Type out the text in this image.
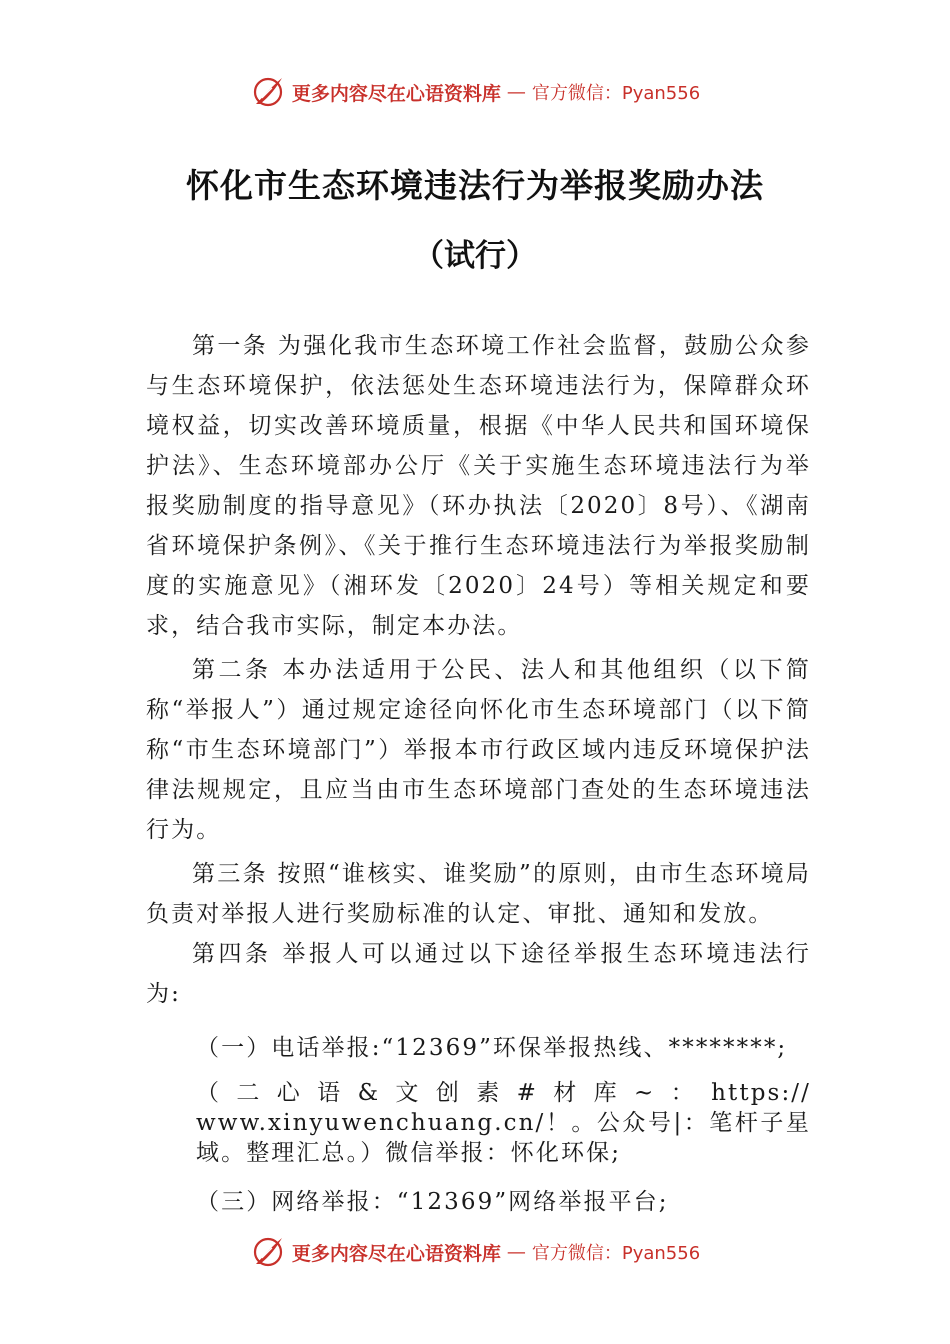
更多内容尽在心语资料库 — 官方微信：Pyan556
怀化市生态环境违法行为举报奖励办法
（试行）

第一条 为强化我市生态环境工作社会监督，鼓励公众参与生态环境保护，依法惩处生态环境违法行为，保障群众环境权益，切实改善环境质量，根据《中华人民共和国环境保护法》、生态环境部办公厅《关于实施生态环境违法行为举报奖励制度的指导意见》（环办执法〔2020〕8号）、《湖南省环境保护条例》、《关于推行生态环境违法行为举报奖励制度的实施意见》（湘环发〔2020〕24号）等相关规定和要求，结合我市实际，制定本办法。

第二条 本办法适用于公民、法人和其他组织（以下简称“举报人”）通过规定途径向怀化市生态环境部门（以下简称“市生态环境部门”）举报本市行政区域内违反环境保护法律法规规定，且应当由市生态环境部门查处的生态环境违法行为。

第三条 按照“谁核实、谁奖励”的原则，由市生态环境局负责对举报人进行奖励标准的认定、审批、通知和发放。

第四条 举报人可以通过以下途径举报生态环境违法行为:

（一）电话举报:“12369”环保举报热线、********;

（二心语&文创素#材库~：https:// www.xinyuwenchuang.cn/！。公众号|：笔杆子星域。整理汇总。）微信举报：怀化环保;

（三）网络举报：“12369”网络举报平台;

更多内容尽在心语资料库 — 官方微信：Pyan556
